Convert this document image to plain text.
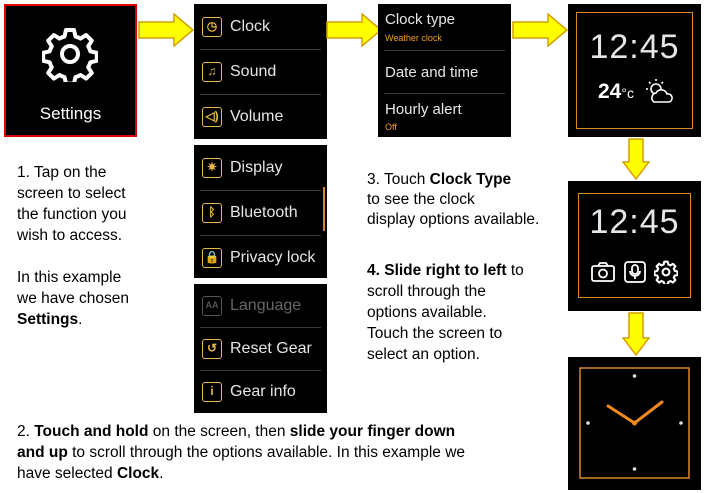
Settings
◷ Clock
♫ Sound
◁) Volume
✷ Display
ᛒ Bluetooth
🔒 Privacy lock
AA Language
↺ Reset Gear
i	Gear info
Clock type
Weather clock
Date and time
Hourly alert
Off
12:45
24°c
12:45
1. Tap on the
screen to select
the function you
wish to access.
In this example
we have chosen
Settings.
3. Touch Clock Type
to see the clock
display options available.
4. Slide right to left to
scroll through the
options available.
Touch the screen to
select an option.
2. Touch and hold on the screen, then slide your finger down
and up to scroll through the options available. In this example we
have selected Clock.
